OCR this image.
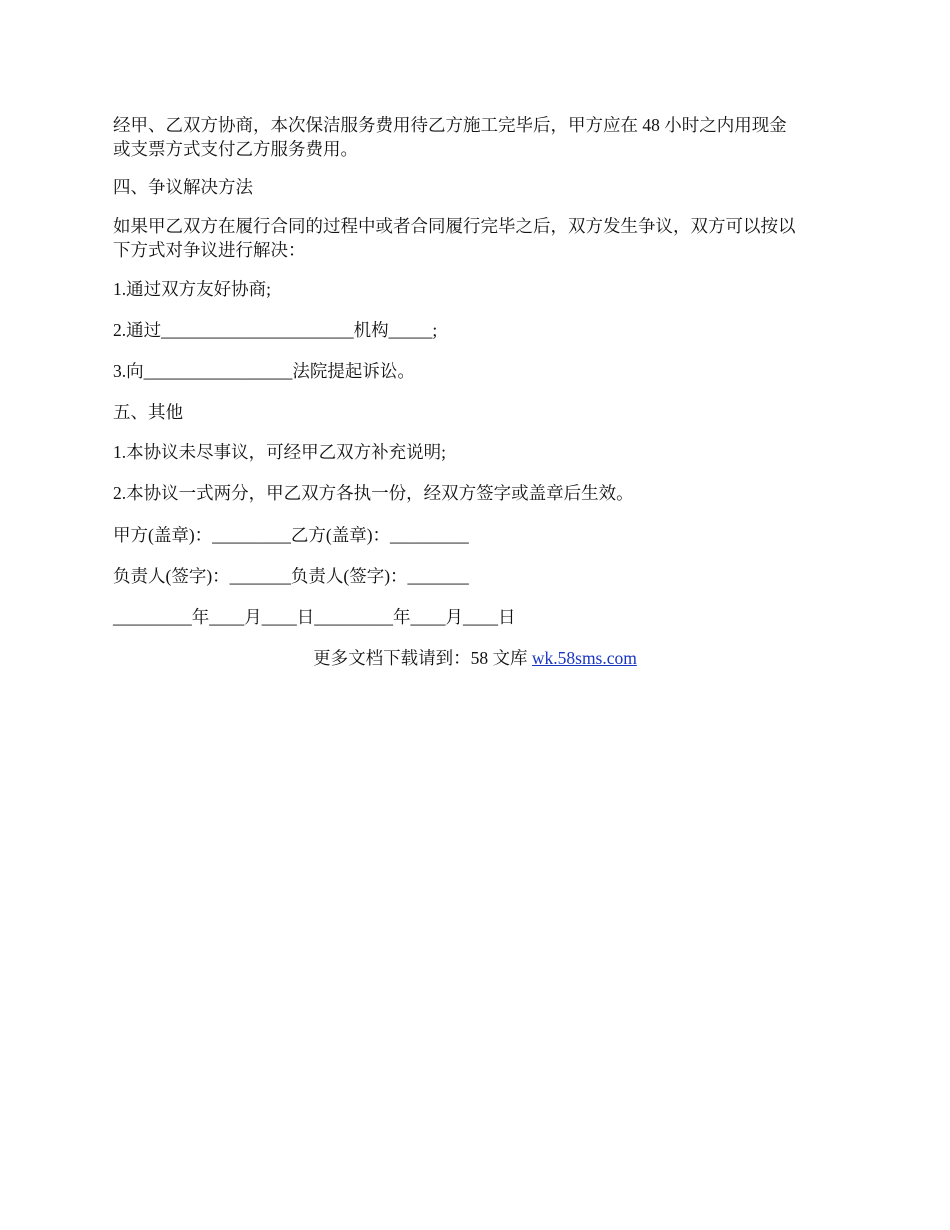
经甲、乙双方协商，本次保洁服务费用待乙方施工完毕后，甲方应在 48 小时之内用现金
或支票方式支付乙方服务费用。
四、争议解决方法
如果甲乙双方在履行合同的过程中或者合同履行完毕之后，双方发生争议，双方可以按以
下方式对争议进行解决：
1.通过双方友好协商;
2.通过______________________机构_____;
3.向_________________法院提起诉讼。
五、其他
1.本协议未尽事议，可经甲乙双方补充说明;
2.本协议一式两分，甲乙双方各执一份，经双方签字或盖章后生效。
甲方(盖章)：_________乙方(盖章)：_________
负责人(签字)：_______负责人(签字)：_______
_________年____月____日_________年____月____日
更多文档下载请到：58 文库 wk.58sms.com
